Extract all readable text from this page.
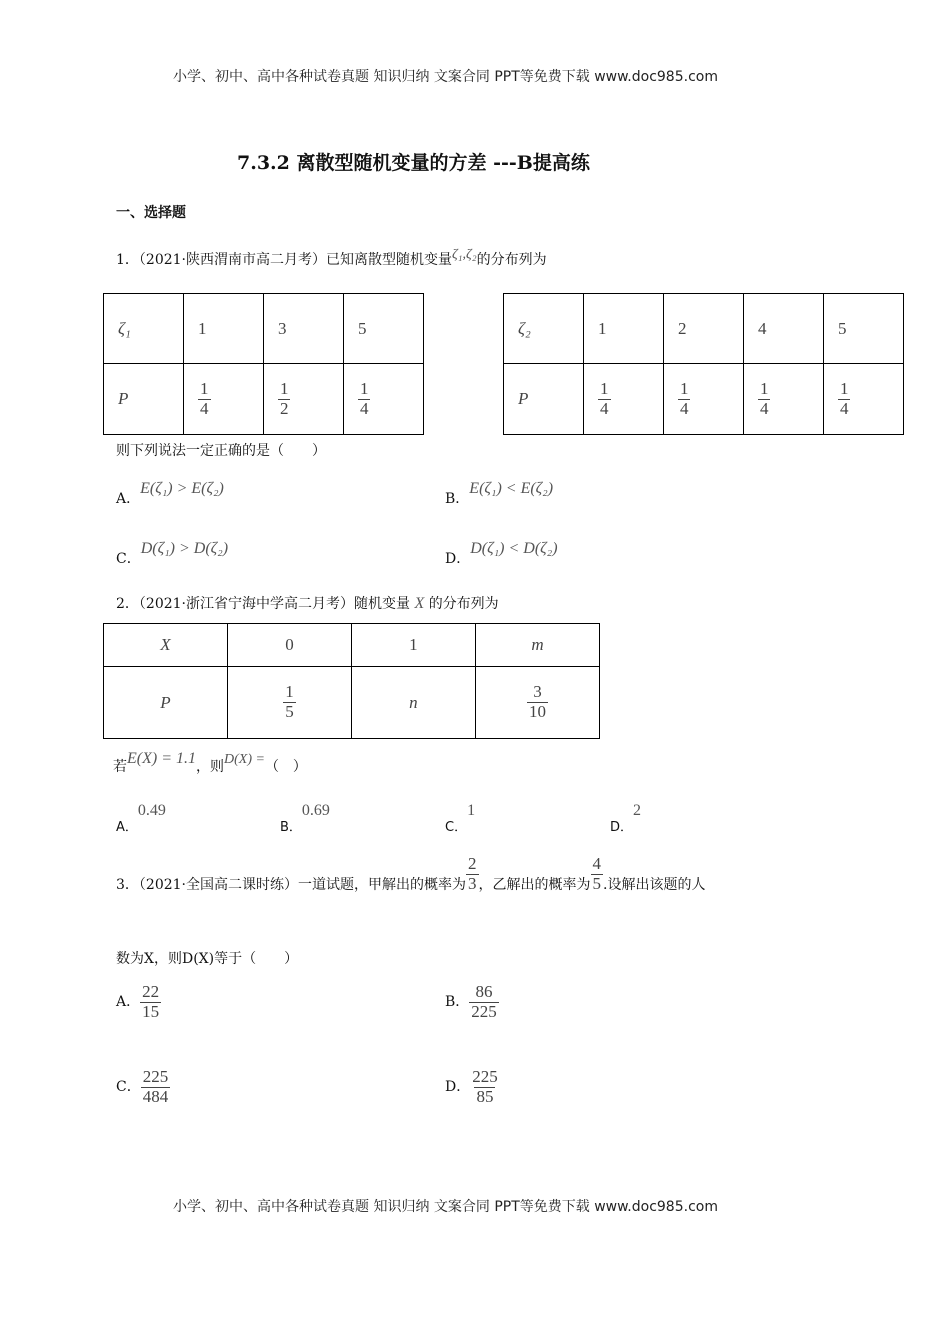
小学、初中、高中各种试卷真题 知识归纳 文案合同 PPT等免费下载 www.doc985.com
小学、初中、高中各种试卷真题 知识归纳 文案合同 PPT等免费下载 www.doc985.com
7.3.2 离散型随机变量的方差 ---B提高练
一、选择题
1．（2021·陕西渭南市高二月考）已知离散型随机变量ζ₁,ζ₂的分布列为
ζ₁	1	3	5
P	$\frac{1}{4}$	$\frac{1}{2}$	$\frac{1}{4}$
ζ₂	1	2	4	5
P	$\frac{1}{4}$	$\frac{1}{4}$	$\frac{1}{4}$	$\frac{1}{4}$
则下列说法一定正确的是（　　）
A．E(ζ₁) > E(ζ₂)
B．E(ζ₁) < E(ζ₂)
C．D(ζ₁) > D(ζ₂)
D．D(ζ₁) < D(ζ₂)
2．（2021·浙江省宁海中学高二月考）随机变量 X 的分布列为
X	0	1	m
P	$\frac{1}{5}$	n	$\frac{3}{10}$
若E(X) = 1.1，则D(X) =（　）
A．0.49
B．0.69
C．1
D．2
3．（2021·全国高二课时练）一道试题，甲解出的概率为 $\frac{2}{3}$ ，乙解出的概率为 $\frac{4}{5}$ .设解出该题的人
数为X，则D(X)等于（　　）
A． $\frac{22}{15}$	B． $\frac{86}{225}$
C． $\frac{225}{484}$	D． $\frac{225}{85}$
